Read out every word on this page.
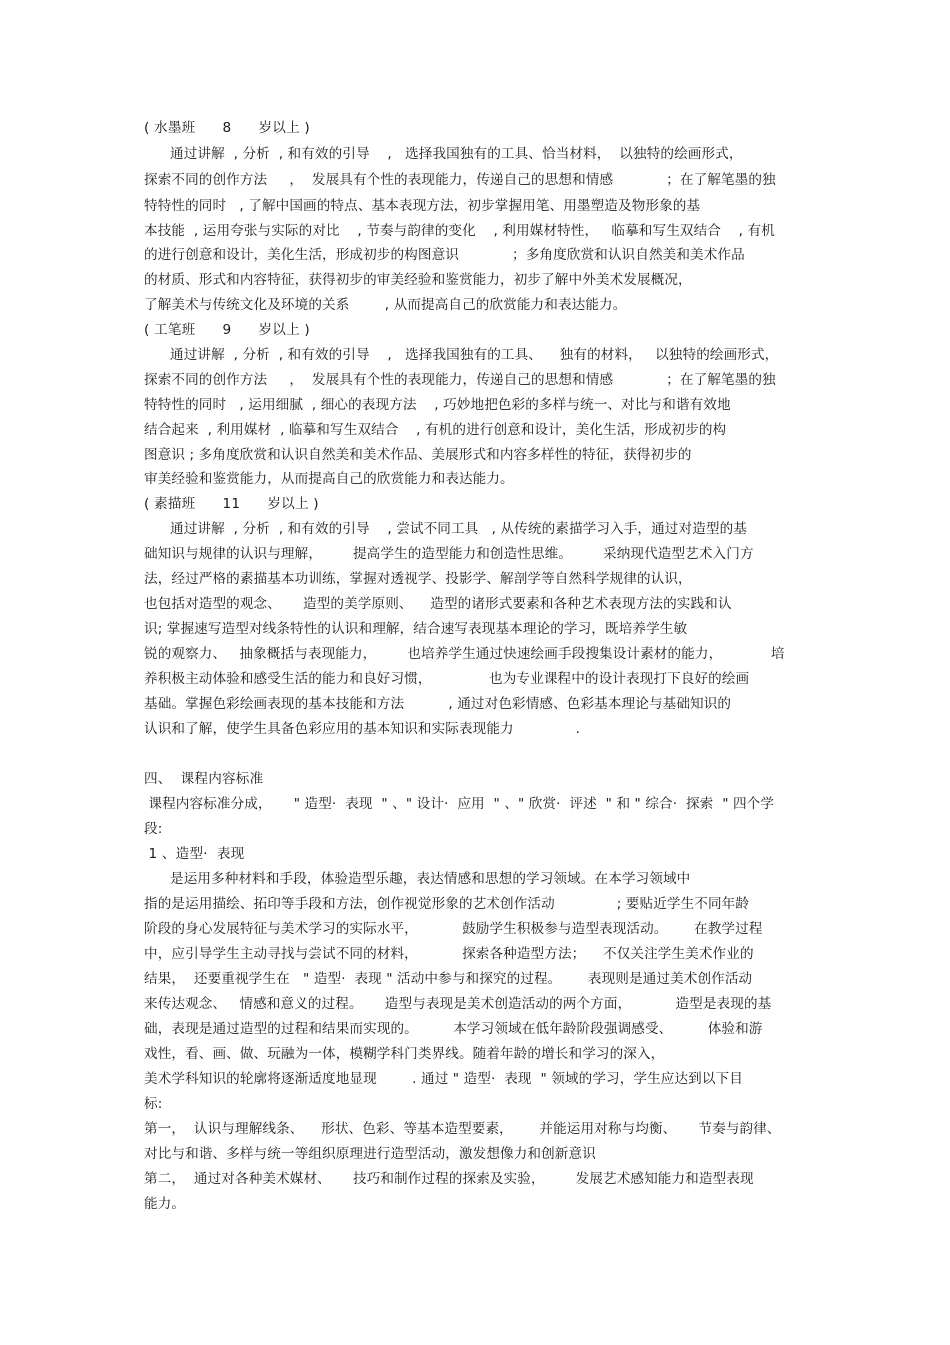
( 水墨班      8      岁以上 )

通过讲解  , 分析  , 和有效的引导    ,   选择我国独有的工具、恰当材料，  以独特的绘画形式，

探索不同的创作方法     ，  发展具有个性的表现能力，传递自己的思想和情感            ；在了解笔墨的独

特特性的同时   , 了解中国画的特点、基本表现方法，初步掌握用笔、用墨塑造及物形象的基

本技能  , 运用夸张与实际的对比    , 节奏与韵律的变化    , 利用媒材特性，   临摹和写生双结合    , 有机

的进行创意和设计，美化生活，形成初步的构图意识            ；多角度欣赏和认识自然美和美术作品

的材质、形式和内容特征，获得初步的审美经验和鉴赏能力，初步了解中外美术发展概况，

了解美术与传统文化及环境的关系        , 从而提高自己的欣赏能力和表达能力。

( 工笔班      9      岁以上 )

通过讲解  , 分析  , 和有效的引导    ,   选择我国独有的工具、    独有的材料，   以独特的绘画形式，

探索不同的创作方法     ，  发展具有个性的表现能力，传递自己的思想和情感            ；在了解笔墨的独

特特性的同时   , 运用细腻  , 细心的表现方法    , 巧妙地把色彩的多样与统一、对比与和谐有效地

结合起来  , 利用媒材  , 临摹和写生双结合    , 有机的进行创意和设计，美化生活，形成初步的构

图意识 ; 多角度欣赏和认识自然美和美术作品、美展形式和内容多样性的特征，获得初步的

审美经验和鉴赏能力，从而提高自己的欣赏能力和表达能力。

( 素描班      11      岁以上 )

通过讲解  , 分析  , 和有效的引导    , 尝试不同工具   , 从传统的素描学习入手，通过对造型的基

础知识与规律的认识与理解，       提高学生的造型能力和创造性思维。       采纳现代造型艺术入门方

法，经过严格的素描基本功训练，掌握对透视学、投影学、解剖学等自然科学规律的认识，

也包括对造型的观念、     造型的美学原则、    造型的诸形式要素和各种艺术表现方法的实践和认

识; 掌握速写造型对线条特性的认识和理解，结合速写表现基本理论的学习，既培养学生敏

锐的观察力、   抽象概括与表现能力，       也培养学生通过快速绘画手段搜集设计素材的能力，           培

养积极主动体验和感受生活的能力和良好习惯，             也为专业课程中的设计表现打下良好的绘画

基础。掌握色彩绘画表现的基本技能和方法          , 通过对色彩情感、色彩基本理论与基础知识的

认识和了解，使学生具备色彩应用的基本知识和实际表现能力              .

四、  课程内容标准

课程内容标准分成，     " 造型·  表现  " 、" 设计·  应用  " 、" 欣赏·  评述  " 和 " 综合·  探索  " 四个学

段:

1 、造型·  表现

是运用多种材料和手段，体验造型乐趣，表达情感和思想的学习领域。在本学习领域中

指的是运用描绘、拓印等手段和方法，创作视觉形象的艺术创作活动              ; 要贴近学生不同年龄

阶段的身心发展特征与美术学习的实际水平，          鼓励学生积极参与造型表现活动。      在教学过程

中，应引导学生主动寻找与尝试不同的材料，          探索各种造型方法；    不仅关注学生美术作业的

结果，  还要重视学生在   " 造型·  表现 " 活动中参与和探究的过程。      表现则是通过美术创作活动

来传达观念、   情感和意义的过程。     造型与表现是美术创造活动的两个方面，          造型是表现的基

础，表现是通过造型的过程和结果而实现的。        本学习领域在低年龄阶段强调感受、        体验和游

戏性，看、画、做、玩融为一体，模糊学科门类界线。随着年龄的增长和学习的深入，

美术学科知识的轮廓将逐渐适度地显现        . 通过 " 造型·  表现  " 领域的学习，学生应达到以下目

标:

第一，  认识与理解线条、    形状、色彩、等基本造型要素，      并能运用对称与均衡、     节奏与韵律、

对比与和谐、多样与统一等组织原理进行造型活动，激发想像力和创新意识

第二，  通过对各种美术媒材、     技巧和制作过程的探索及实验，       发展艺术感知能力和造型表现

能力。
